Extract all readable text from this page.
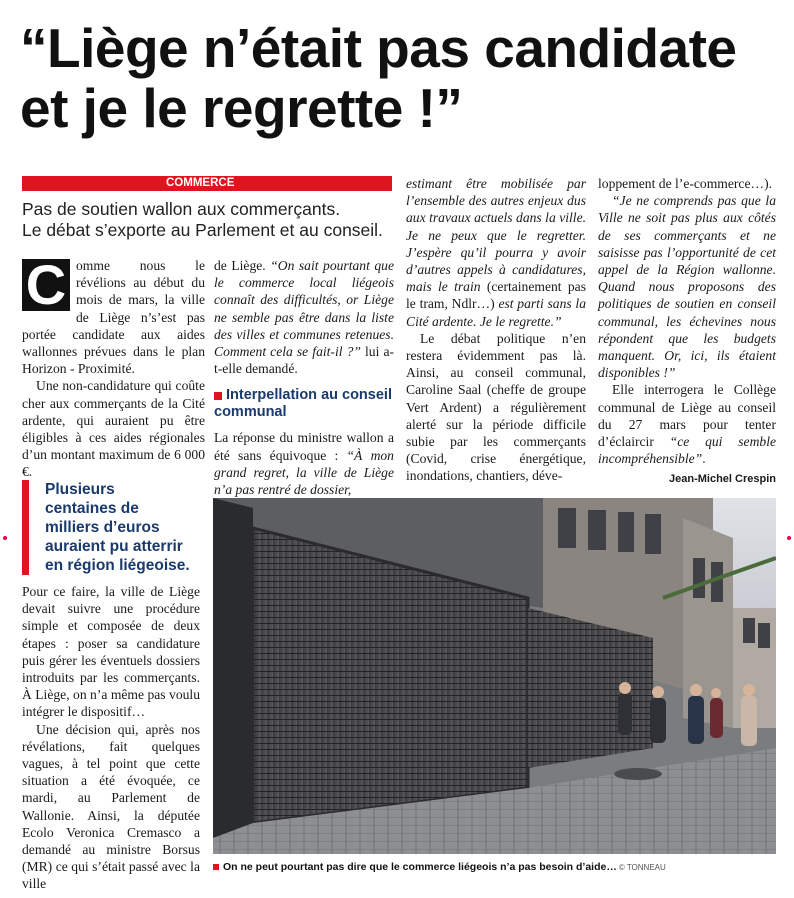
“Liège n’était pas candidate
et je le regrette !”
COMMERCE
Pas de soutien wallon aux commerçants.
Le débat s’exporte au Parlement et au conseil.
C omme nous le révélions au début du mois de mars, la ville de Liège n’s’est pas portée candidate aux aides wallonnes prévues dans le plan Horizon - Proximité.

Une non-candidature qui coûte cher aux commerçants de la Cité ardente, qui auraient pu être éligibles à ces aides régionales d’un montant maximum de 6 000 €.

Plusieurs centaines de milliers d’euros auraient pu atterrir en région liégeoise.

Pour ce faire, la ville de Liège devait suivre une procédure simple et composée de deux étapes : poser sa candidature puis gérer les éventuels dossiers introduits par les commerçants. À Liège, on n’a même pas voulu intégrer le dispositif…

Une décision qui, après nos révélations, fait quelques vagues, à tel point que cette situation a été évoquée, ce mardi, au Parlement de Wallonie. Ainsi, la députée Ecolo Veronica Cremasco a demandé au ministre Borsus (MR) ce qui s’était passé avec la ville

de Liège. “On sait pourtant que le commerce local liégeois connaît des difficultés, or Liège ne semble pas être dans la liste des villes et communes retenues. Comment cela se fait-il ?” lui a-t-elle demandé.

Interpellation au conseil communal

La réponse du ministre wallon a été sans équivoque : “À mon grand regret, la ville de Liège n’a pas rentré de dossier,

estimant être mobilisée par l’ensemble des autres enjeux dus aux travaux actuels dans la ville. Je ne peux que le regretter. J’espère qu’il pourra y avoir d’autres appels à candidatures, mais le train (certainement pas le tram, Ndlr…) est parti sans la Cité ardente. Je le regrette.”

Le débat politique n’en restera évidemment pas là. Ainsi, au conseil communal, Caroline Saal (cheffe de groupe Vert Ardent) a régulièrement alerté sur la période difficile subie par les commerçants (Covid, crise énergétique, inondations, chantiers, déve-

loppement de l’e-commerce…).

“Je ne comprends pas que la Ville ne soit pas plus aux côtés de ses commerçants et ne saisisse pas l’opportunité de cet appel de la Région wallonne. Quand nous proposons des politiques de soutien en conseil communal, les échevines nous répondent que les budgets manquent. Or, ici, ils étaient disponibles !”

Elle interrogera le Collège communal de Liège au conseil du 27 mars pour tenter d’éclaircir “ce qui semble incompréhensible”.

Jean-Michel Crespin
On ne peut pourtant pas dire que le commerce liégeois n’a pas besoin d’aide… © TONNEAU
